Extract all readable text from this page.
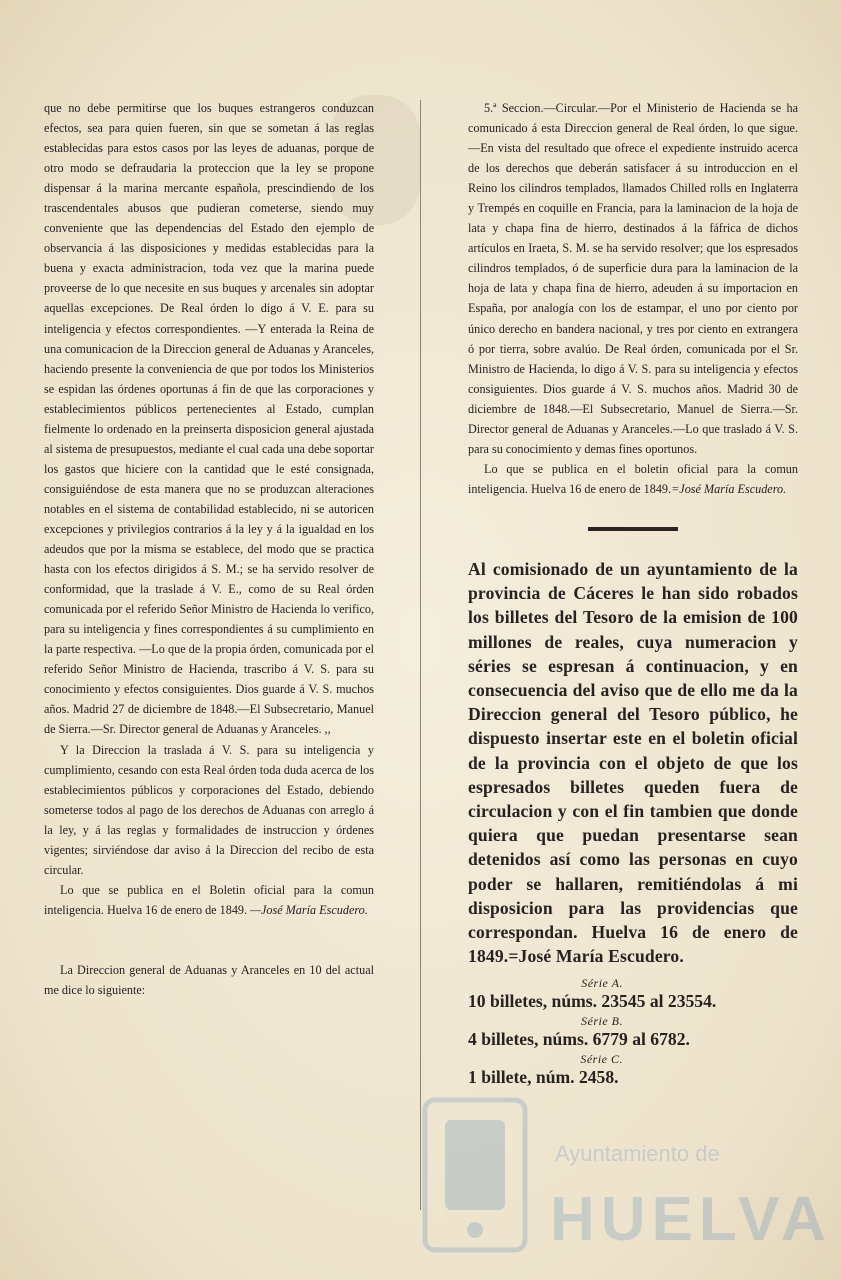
que no debe permitirse que los buques estrangeros conduzcan efectos, sea para quien fueren, sin que se sometan á las reglas establecidas para estos casos por las leyes de aduanas, porque de otro modo se defraudaria la proteccion que la ley se propone dispensar á la marina mercante española, prescindiendo de los trascendentales abusos que pudieran cometerse, siendo muy conveniente que las dependencias del Estado den ejemplo de observancia á las disposiciones y medidas establecidas para la buena y exacta administracion, toda vez que la marina puede proveerse de lo que necesite en sus buques y arcenales sin adoptar aquellas excepciones. De Real órden lo digo á V. E. para su inteligencia y efectos correspondientes. —Y enterada la Reina de una comunicacion de la Direccion general de Aduanas y Aranceles, haciendo presente la conveniencia de que por todos los Ministerios se espidan las órdenes oportunas á fin de que las corporaciones y establecimientos públicos pertenecientes al Estado, cumplan fielmente lo ordenado en la preinserta disposicion general ajustada al sistema de presupuestos, mediante el cual cada una debe soportar los gastos que hiciere con la cantidad que le esté consignada, consiguiéndose de esta manera que no se produzcan alteraciones notables en el sistema de contabilidad establecido, ni se autoricen excepciones y privilegios contrarios á la ley y á la igualdad en los adeudos que por la misma se establece, del modo que se practica hasta con los efectos dirigidos á S. M.; se ha servido resolver de conformidad, que la traslade á V. E., como de su Real órden comunicada por el referido Señor Ministro de Hacienda lo verifico, para su inteligencia y fines correspondientes á su cumplimiento en la parte respectiva. —Lo que de la propia órden, comunicada por el referido Señor Ministro de Hacienda, trascribo á V. S. para su conocimiento y efectos consiguientes. Dios guarde á V. S. muchos años. Madrid 27 de diciembre de 1848.—El Subsecretario, Manuel de Sierra.—Sr. Director general de Aduanas y Aranceles. ,,

Y la Direccion la traslada á V. S. para su inteligencia y cumplimiento, cesando con esta Real órden toda duda acerca de los establecimientos públicos y corporaciones del Estado, debiendo someterse todos al pago de los derechos de Aduanas con arreglo á la ley, y á las reglas y formalidades de instruccion y órdenes vigentes; sirviéndose dar aviso á la Direccion del recibo de esta circular.

Lo que se publica en el Boletin oficial para la comun inteligencia. Huelva 16 de enero de 1849. —José María Escudero.

La Direccion general de Aduanas y Aranceles en 10 del actual me dice lo siguiente:

5.ª Seccion.—Circular.—Por el Ministerio de Hacienda se ha comunicado á esta Direccion general de Real órden, lo que sigue.—En vista del resultado que ofrece el expediente instruido acerca de los derechos que deberán satisfacer á su introduccion en el Reino los cilindros templados, llamados Chilled rolls en Inglaterra y Trempés en coquille en Francia, para la laminacion de la hoja de lata y chapa fina de hierro, destinados á la fáfrica de dichos artículos en Iraeta, S. M. se ha servido resolver; que los espresados cilindros templados, ó de superficie dura para la laminacion de la hoja de lata y chapa fina de hierro, adeuden á su importacion en España, por analogía con los de estampar, el uno por ciento por único derecho en bandera nacional, y tres por ciento en extrangera ó por tierra, sobre avalúo. De Real órden, comunicada por el Sr. Ministro de Hacienda, lo digo á V. S. para su inteligencia y efectos consiguientes. Dios guarde á V. S. muchos años. Madrid 30 de diciembre de 1848.—El Subsecretario, Manuel de Sierra.—Sr. Director general de Aduanas y Aranceles.—Lo que traslado á V. S. para su conocimiento y demas fines oportunos.

Lo que se publica en el boletin oficial para la comun inteligencia. Huelva 16 de enero de 1849.=José María Escudero.

Al comisionado de un ayuntamiento de la provincia de Cáceres le han sido robados los billetes del Tesoro de la emision de 100 millones de reales, cuya numeracion y séries se espresan á continuacion, y en consecuencia del aviso que de ello me da la Direccion general del Tesoro público, he dispuesto insertar este en el boletin oficial de la provincia con el objeto de que los espresados billetes queden fuera de circulacion y con el fin tambien que donde quiera que puedan presentarse sean detenidos así como las personas en cuyo poder se hallaren, remitiéndolas á mi disposicion para las providencias que correspondan. Huelva 16 de enero de 1849.=José María Escudero.

Série A.
10 billetes, núms. 23545 al 23554.
Série B.
4 billetes, núms. 6779 al 6782.
Série C.
1 billete, núm. 2458.
Ayuntamiento de
HUELVA
